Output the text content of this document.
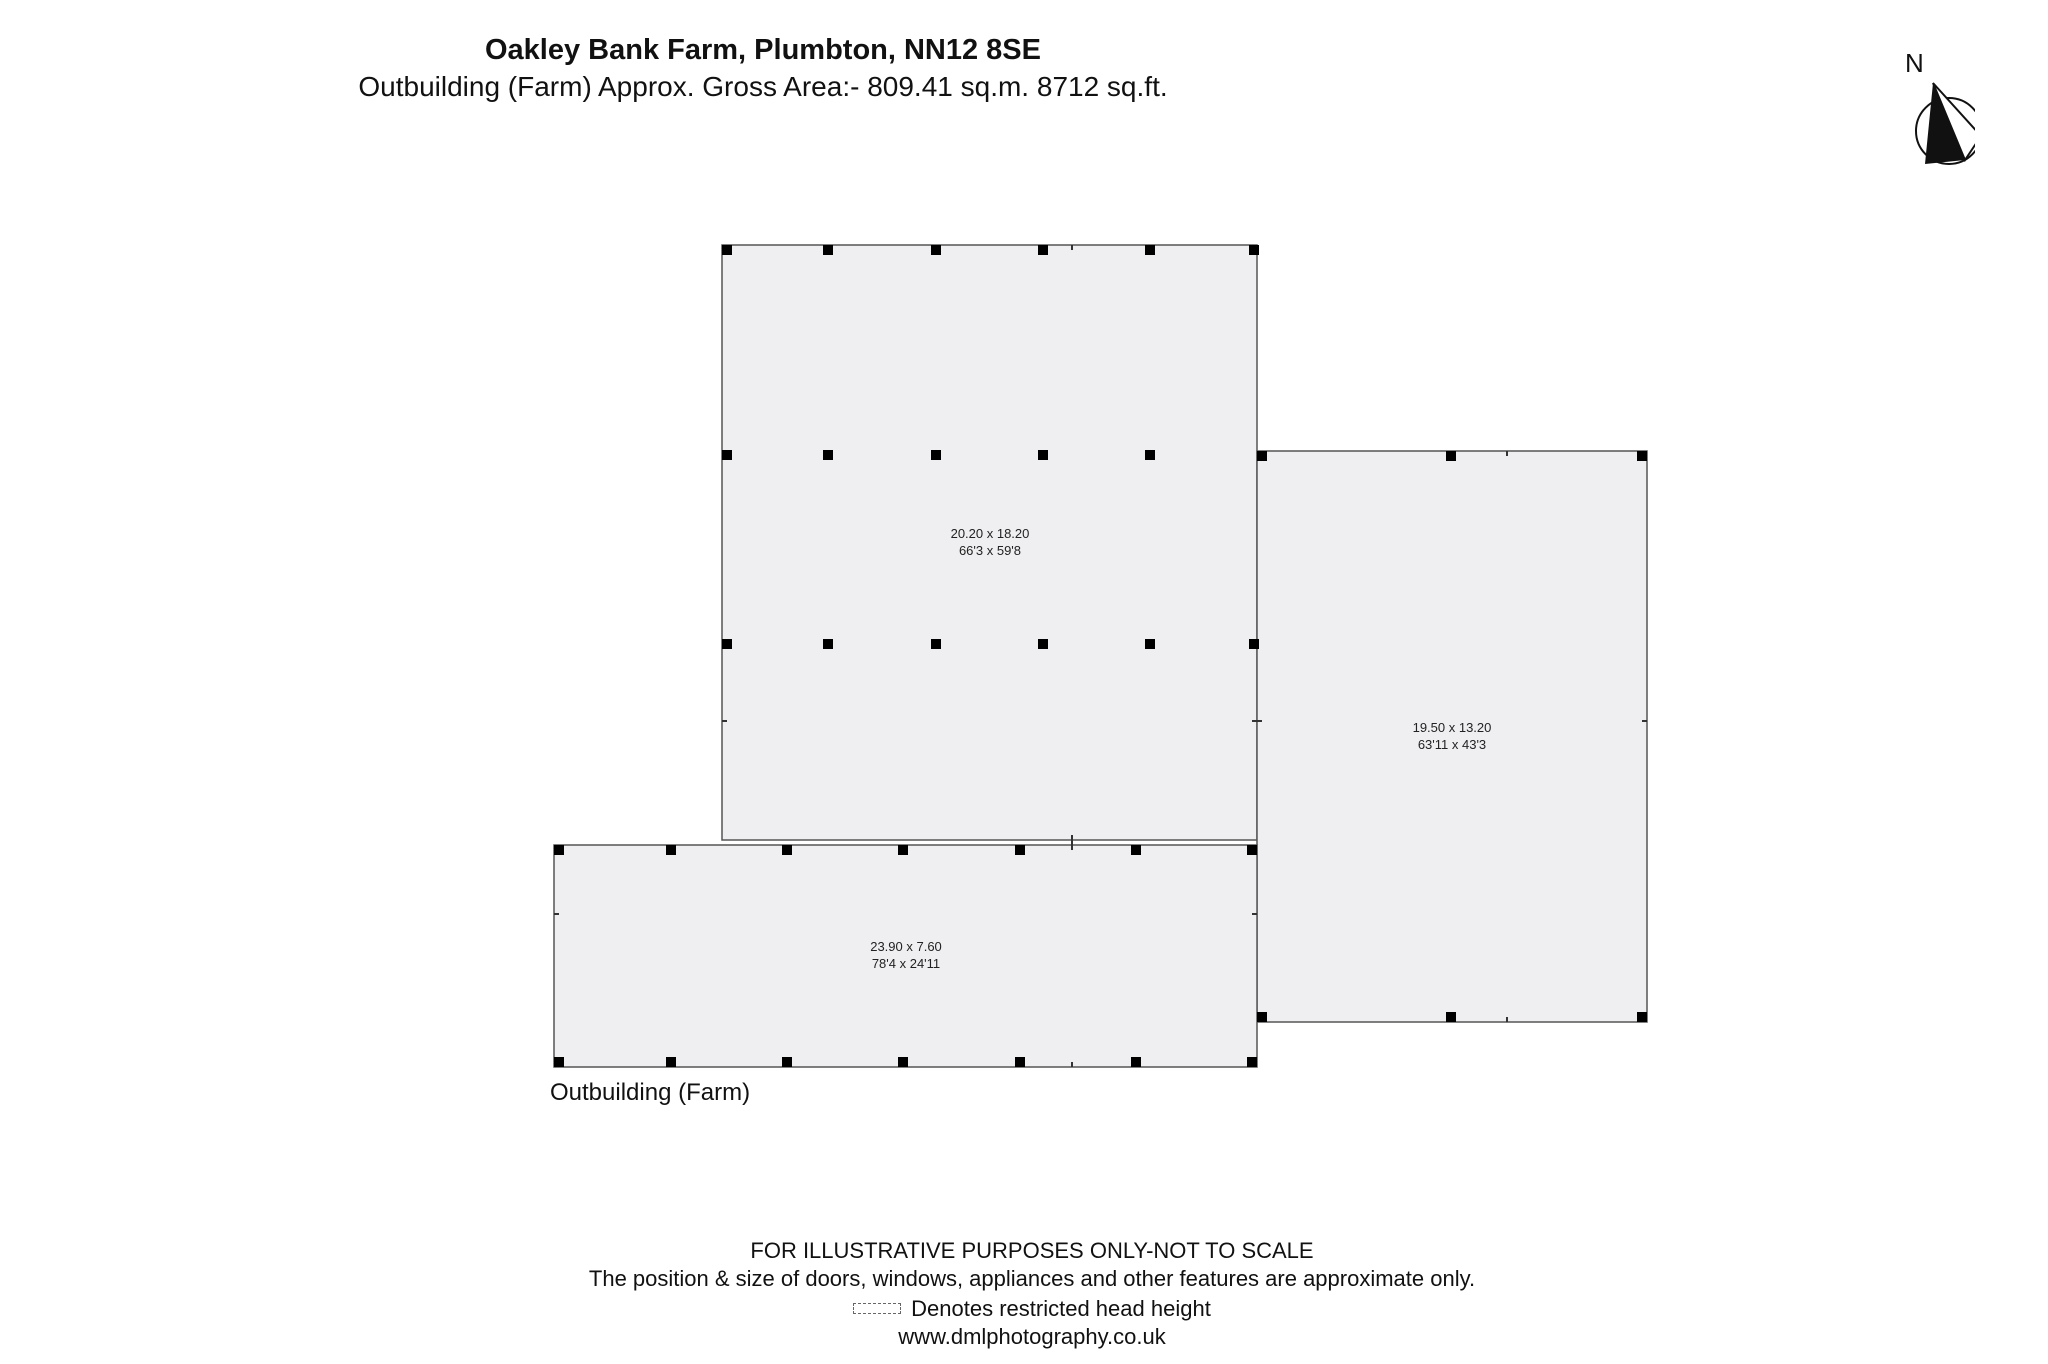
Oakley Bank Farm, Plumbton, NN12 8SE
Outbuilding (Farm) Approx. Gross Area:- 809.41 sq.m. 8712 sq.ft.
N
20.20 x 18.20
66'3 x 59'8
19.50 x 13.20
63'11 x 43'3
23.90 x 7.60
78'4 x 24'11
Outbuilding (Farm)
FOR ILLUSTRATIVE PURPOSES ONLY-NOT TO SCALE
The position & size of doors, windows, appliances and other features are approximate only.
Denotes restricted head height
www.dmlphotography.co.uk
